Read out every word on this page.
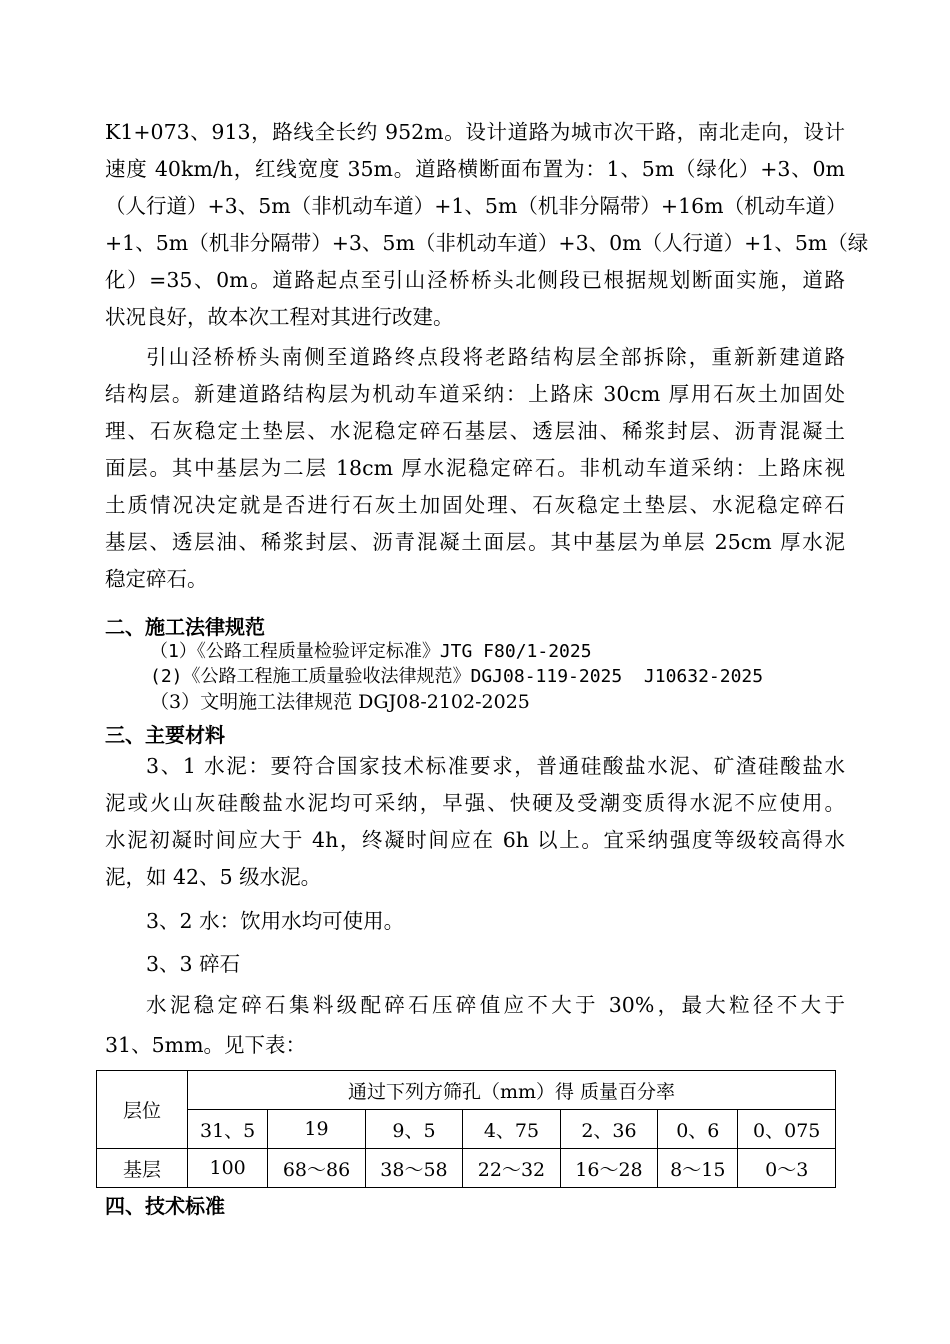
K1+073、913，路线全长约 952m。设计道路为城市次干路，南北走向，设计
速度 40km/h，红线宽度 35m。道路横断面布置为：1、5m（绿化）+3、0m
（人行道）+3、5m（非机动车道）+1、5m（机非分隔带）+16m（机动车道）
+1、5m（机非分隔带）+3、5m（非机动车道）+3、0m（人行道）+1、5m（绿
化）=35、0m。道路起点至引山泾桥桥头北侧段已根据规划断面实施，道路
状况良好，故本次工程对其进行改建。
引山泾桥桥头南侧至道路终点段将老路结构层全部拆除，重新新建道路
结构层。新建道路结构层为机动车道采纳：上路床 30cm 厚用石灰土加固处
理、石灰稳定土垫层、水泥稳定碎石基层、透层油、稀浆封层、沥青混凝土
面层。其中基层为二层 18cm 厚水泥稳定碎石。非机动车道采纳：上路床视
土质情况决定就是否进行石灰土加固处理、石灰稳定土垫层、水泥稳定碎石
基层、透层油、稀浆封层、沥青混凝土面层。其中基层为单层 25cm 厚水泥
稳定碎石。
二、施工法律规范
（1）《公路工程质量检验评定标准》JTG F80/1-2025
(2)《公路工程施工质量验收法律规范》DGJ08-119-2025  J10632-2025
（3）文明施工法律规范 DGJ08-2102-2025
三、主要材料
3、1 水泥：要符合国家技术标准要求，普通硅酸盐水泥、矿渣硅酸盐水
泥或火山灰硅酸盐水泥均可采纳，早强、快硬及受潮变质得水泥不应使用。
水泥初凝时间应大于 4h，终凝时间应在 6h 以上。宜采纳强度等级较高得水
泥，如 42、5 级水泥。
3、2 水：饮用水均可使用。
3、3 碎石
水泥稳定碎石集料级配碎石压碎值应不大于 30%，最大粒径不大于
31、5mm。见下表：
层位	通过下列方筛孔（mm）得 质量百分率						
	31、5	19	9、5	4、75	2、36	0、6	0、075
基层	100	68～86	38～58	22～32	16～28	8～15	0～3
四、技术标准
